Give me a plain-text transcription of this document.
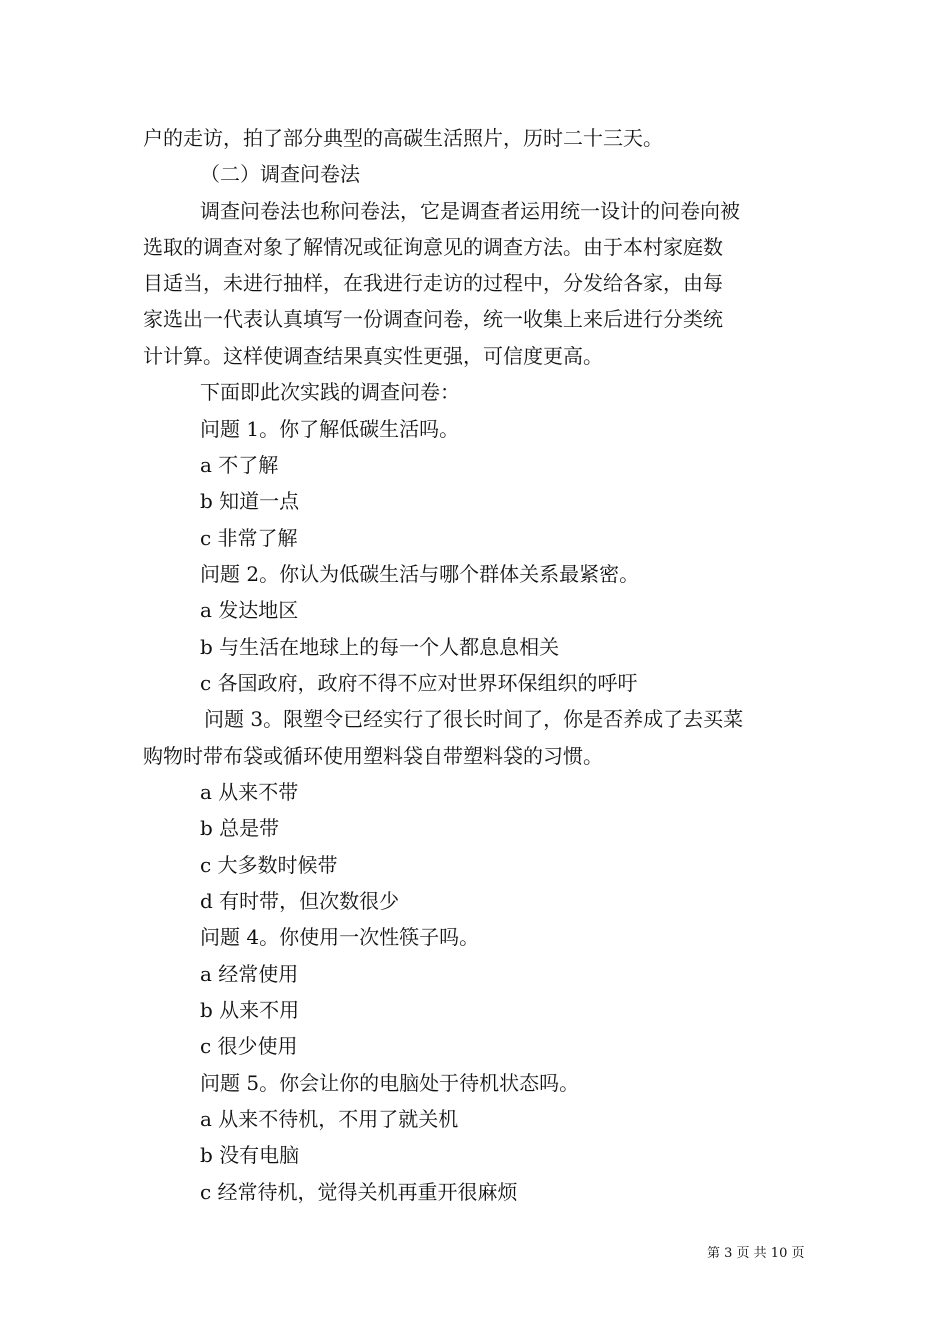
户的走访，拍了部分典型的高碳生活照片，历时二十三天。
（二）调查问卷法
调查问卷法也称问卷法，它是调查者运用统一设计的问卷向被
选取的调查对象了解情况或征询意见的调查方法。由于本村家庭数
目适当，未进行抽样，在我进行走访的过程中，分发给各家，由每
家选出一代表认真填写一份调查问卷，统一收集上来后进行分类统
计计算。这样使调查结果真实性更强，可信度更高。
下面即此次实践的调查问卷：
问题 1。你了解低碳生活吗。
a 不了解
b 知道一点
c 非常了解
问题 2。你认为低碳生活与哪个群体关系最紧密。
a 发达地区
b 与生活在地球上的每一个人都息息相关
c 各国政府，政府不得不应对世界环保组织的呼吁
问题 3。限塑令已经实行了很长时间了，你是否养成了去买菜
购物时带布袋或循环使用塑料袋自带塑料袋的习惯。
a 从来不带
b 总是带
c 大多数时候带
d 有时带，但次数很少
问题 4。你使用一次性筷子吗。
a 经常使用
b 从来不用
c 很少使用
问题 5。你会让你的电脑处于待机状态吗。
a 从来不待机，不用了就关机
b 没有电脑
c 经常待机，觉得关机再重开很麻烦
第 3 页 共 10 页
